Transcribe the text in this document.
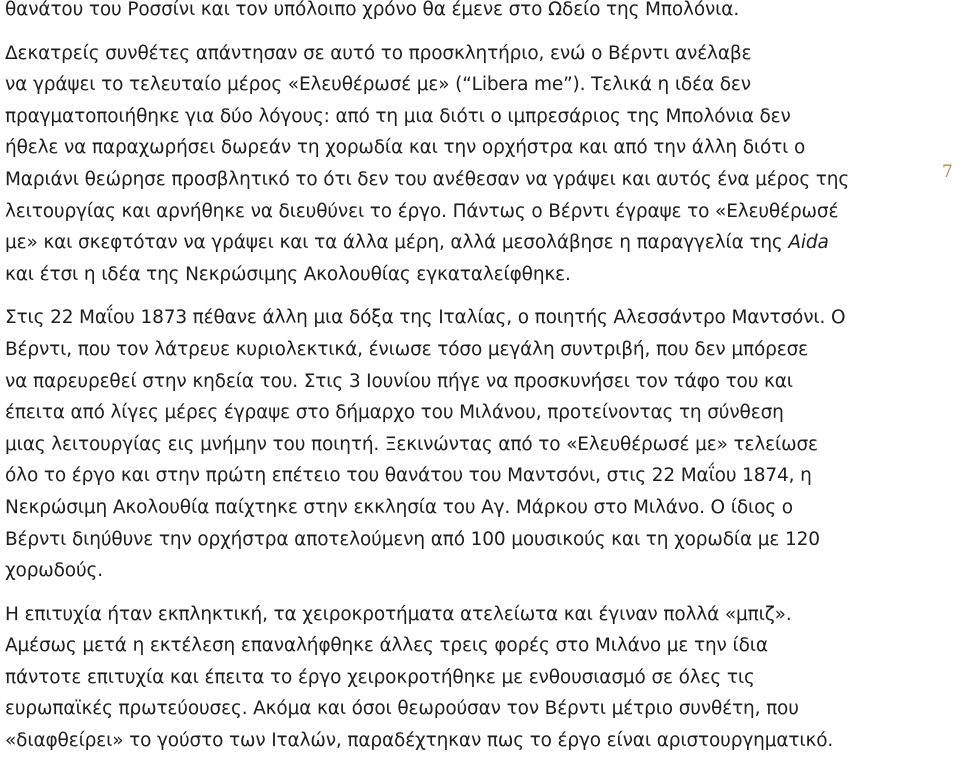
θανάτου του Ροσσίνι και τον υπόλοιπο χρόνο θα έμενε στο Ωδείο της Μπολόνια.

Δεκατρείς συνθέτες απάντησαν σε αυτό το προσκλητήριο, ενώ ο Βέρντι ανέλαβε
να γράψει το τελευταίο μέρος «Ελευθέρωσέ με» (“Libera me”). Τελικά η ιδέα δεν
πραγματοποιήθηκε για δύο λόγους: από τη μια διότι ο ιμπρεσάριος της Μπολόνια δεν
ήθελε να παραχωρήσει δωρεάν τη χορωδία και την ορχήστρα και από την άλλη διότι ο
Μαριάνι θεώρησε προσβλητικό το ότι δεν του ανέθεσαν να γράψει και αυτός ένα μέρος της
λειτουργίας και αρνήθηκε να διευθύνει το έργο. Πάντως ο Βέρντι έγραψε το «Ελευθέρωσέ
με» και σκεφτόταν να γράψει και τα άλλα μέρη, αλλά μεσολάβησε η παραγγελία της Aida
και έτσι η ιδέα της Νεκρώσιμης Ακολουθίας εγκαταλείφθηκε.

Στις 22 Μαΐου 1873 πέθανε άλλη μια δόξα της Ιταλίας, ο ποιητής Αλεσσάντρο Μαντσόνι. Ο
Βέρντι, που τον λάτρευε κυριολεκτικά, ένιωσε τόσο μεγάλη συντριβή, που δεν μπόρεσε
να παρευρεθεί στην κηδεία του. Στις 3 Ιουνίου πήγε να προσκυνήσει τον τάφο του και
έπειτα από λίγες μέρες έγραψε στο δήμαρχο του Μιλάνου, προτείνοντας τη σύνθεση
μιας λειτουργίας εις μνήμην του ποιητή. Ξεκινώντας από το «Ελευθέρωσέ με» τελείωσε
όλο το έργο και στην πρώτη επέτειο του θανάτου του Μαντσόνι, στις 22 Μαΐου 1874, η
Νεκρώσιμη Ακολουθία παίχτηκε στην εκκλησία του Αγ. Μάρκου στο Μιλάνο. Ο ίδιος ο
Βέρντι διηύθυνε την ορχήστρα αποτελούμενη από 100 μουσικούς και τη χορωδία με 120
χορωδούς.

Η επιτυχία ήταν εκπληκτική, τα χειροκροτήματα ατελείωτα και έγιναν πολλά «μπιζ».
Αμέσως μετά η εκτέλεση επαναλήφθηκε άλλες τρεις φορές στο Μιλάνο με την ίδια
πάντοτε επιτυχία και έπειτα το έργο χειροκροτήθηκε με ενθουσιασμό σε όλες τις
ευρωπαϊκές πρωτεύουσες. Ακόμα και όσοι θεωρούσαν τον Βέρντι μέτριο συνθέτη, που
«διαφθείρει» το γούστο των Ιταλών, παραδέχτηκαν πως το έργο είναι αριστουργηματικό.

7
